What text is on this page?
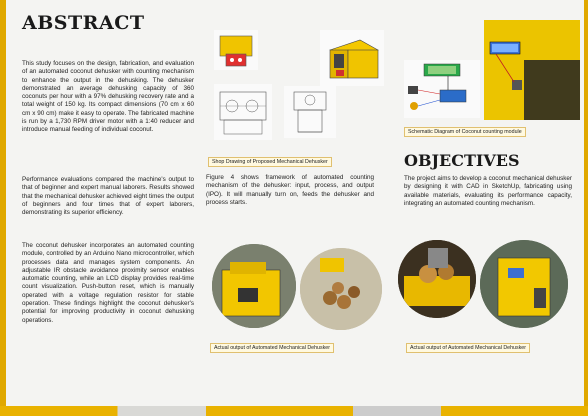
ABSTRACT
This study focuses on the design, fabrication, and evaluation of an automated coconut dehusker with counting mechanism to enhance the output in the dehusking. The dehusker demonstrated an average dehusking capacity of 360 coconuts per hour with a 97% dehusking recovery rate and a total weight of 150 kg. Its compact dimensions (70 cm x 60 cm x 90 cm) make it easy to operate. The fabricated machine is run by a 1,730 RPM driver motor with a 1:40 reducer and introduce manual feeding of individual coconut.
Performance evaluations compared the machine's output to that of beginner and expert manual laborers. Results showed that the mechanical dehusker achieved eight times the output of beginners and four times that of expert laborers, demonstrating its superior efficiency.
The coconut dehusker incorporates an automated counting module, controlled by an Arduino Nano microcontroller, which processes data and manages system components. An adjustable IR obstacle avoidance proximity sensor enables automatic counting, while an LCD display provides real-time count visualization. Push-button reset, which is manually operated with a voltage regulation resistor for stable operation. These findings highlight the coconut dehusker's potential for improving productivity in coconut dehusking operations.
Shop Drawing of Proposed Mechanical Dehusker
Figure 4 shows framework of automated counting mechanism of the dehusker: input, process, and output (IPO). It will manually turn on, feeds the dehusker and process starts.
Schematic Diagram of Coconut counting module
OBJECTIVES
The project aims to develop a coconut mechanical dehusker by designing it with CAD in SketchUp, fabricating using available materials, evaluating its performance capacity, integrating an automated counting mechanism.
Actual output of Automated Mechanical Dehusker	Actual output of Automated Mechanical Dehusker
